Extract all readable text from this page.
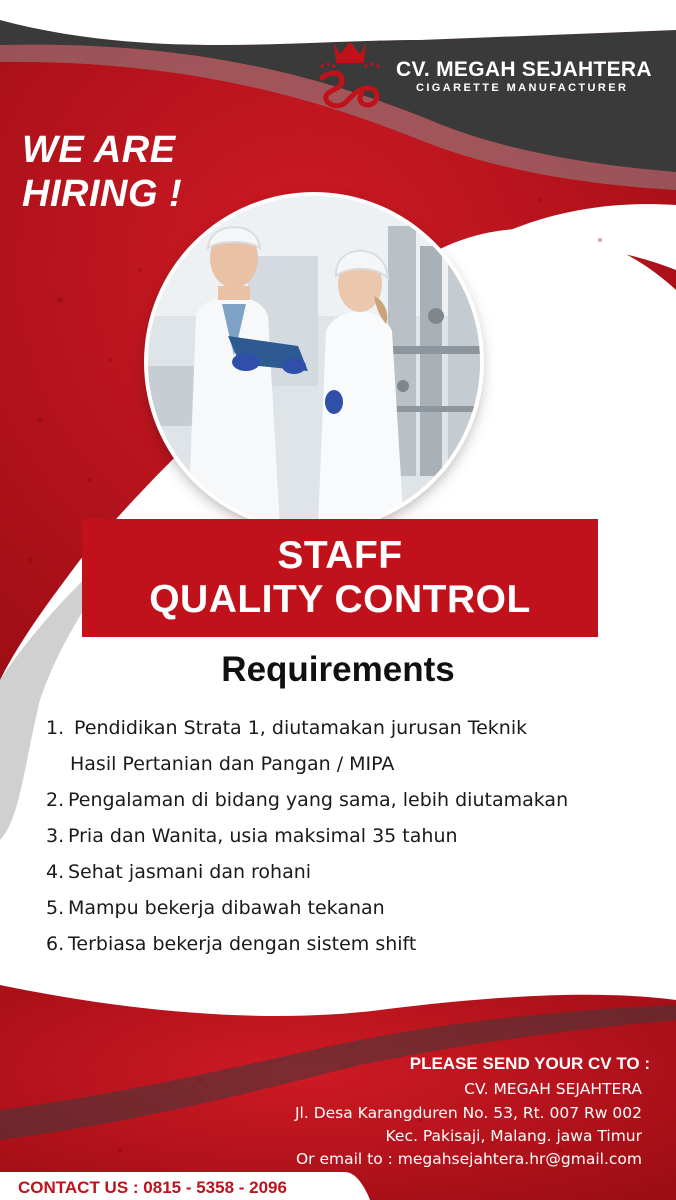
CV. MEGAH SEJAHTERA
CIGARETTE MANUFACTURER
WE ARE
HIRING !
STAFF
QUALITY CONTROL
Requirements
1. Pendidikan Strata 1, diutamakan jurusan Teknik
Hasil Pertanian dan Pangan / MIPA
2. Pengalaman di bidang yang sama, lebih diutamakan
3. Pria dan Wanita, usia maksimal 35 tahun
4. Sehat jasmani dan rohani
5. Mampu bekerja dibawah tekanan
6. Terbiasa bekerja dengan sistem shift
PLEASE SEND YOUR CV TO :
CV. MEGAH SEJAHTERA
Jl. Desa Karangduren No. 53, Rt. 007 Rw 002
Kec. Pakisaji, Malang. jawa Timur
Or email to : megahsejahtera.hr@gmail.com
CONTACT US : 0815 - 5358 - 2096
